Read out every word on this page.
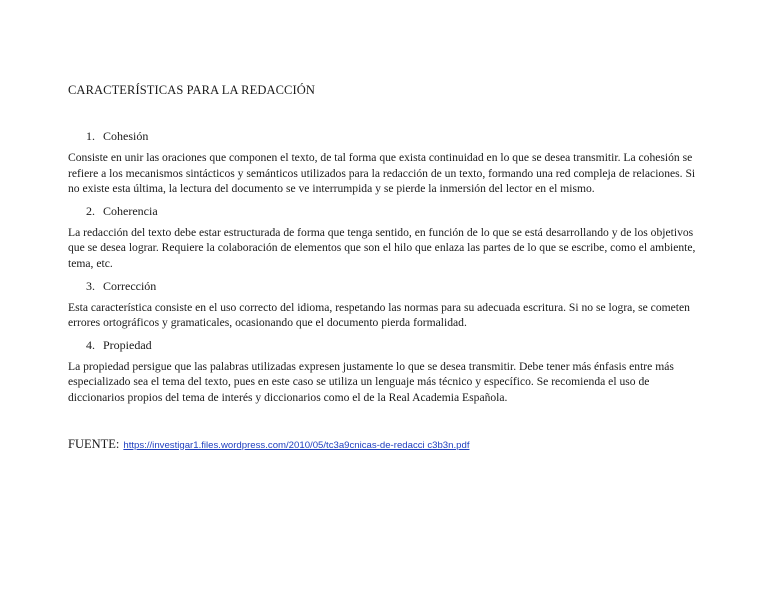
CARACTERÍSTICAS PARA LA REDACCIÓN

1. Cohesión

Consiste en unir las oraciones que componen el texto, de tal forma que exista continuidad en lo que se desea transmitir. La cohesión se refiere a los mecanismos sintácticos y semánticos utilizados para la redacción de un texto, formando una red compleja de relaciones. Si no existe esta última, la lectura del documento se ve interrumpida y se pierde la inmersión del lector en el mismo.

2. Coherencia

La redacción del texto debe estar estructurada de forma que tenga sentido, en función de lo que se está desarrollando y de los objetivos que se desea lograr. Requiere la colaboración de elementos que son el hilo que enlaza las partes de lo que se escribe, como el ambiente, tema, etc.

3. Corrección

Esta característica consiste en el uso correcto del idioma, respetando las normas para su adecuada escritura. Si no se logra, se cometen errores ortográficos y gramaticales, ocasionando que el documento pierda formalidad.

4. Propiedad

La propiedad persigue que las palabras utilizadas expresen justamente lo que se desea transmitir. Debe tener más énfasis entre más especializado sea el tema del texto, pues en este caso se utiliza un lenguaje más técnico y específico. Se recomienda el uso de diccionarios propios del tema de interés y diccionarios como el de la Real Academia Española.

FUENTE: https://investigar1.files.wordpress.com/2010/05/tc3a9cnicas-de-redacci c3b3n.pdf
